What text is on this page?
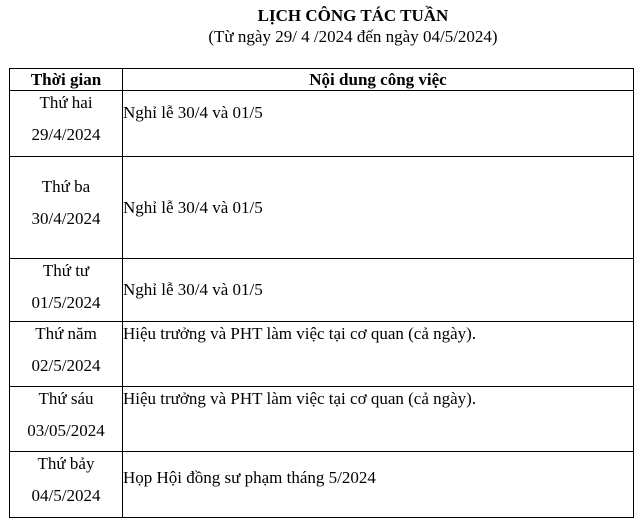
LỊCH CÔNG TÁC TUẦN
(Từ ngày 29/ 4 /2024 đến ngày 04/5/2024)
Thời gian	Nội dung công việc

Thứ hai
29/4/2024	Nghỉ lễ 30/4 và 01/5

Thứ ba
30/4/2024	Nghỉ lễ 30/4 và 01/5

Thứ tư
01/5/2024	Nghỉ lễ 30/4 và 01/5

Thứ năm
02/5/2024	Hiệu trưởng và PHT làm việc tại cơ quan (cả ngày).

Thứ sáu
03/05/2024	Hiệu trưởng và PHT làm việc tại cơ quan (cả ngày).

Thứ bảy
04/5/2024	Họp Hội đồng sư phạm tháng 5/2024
